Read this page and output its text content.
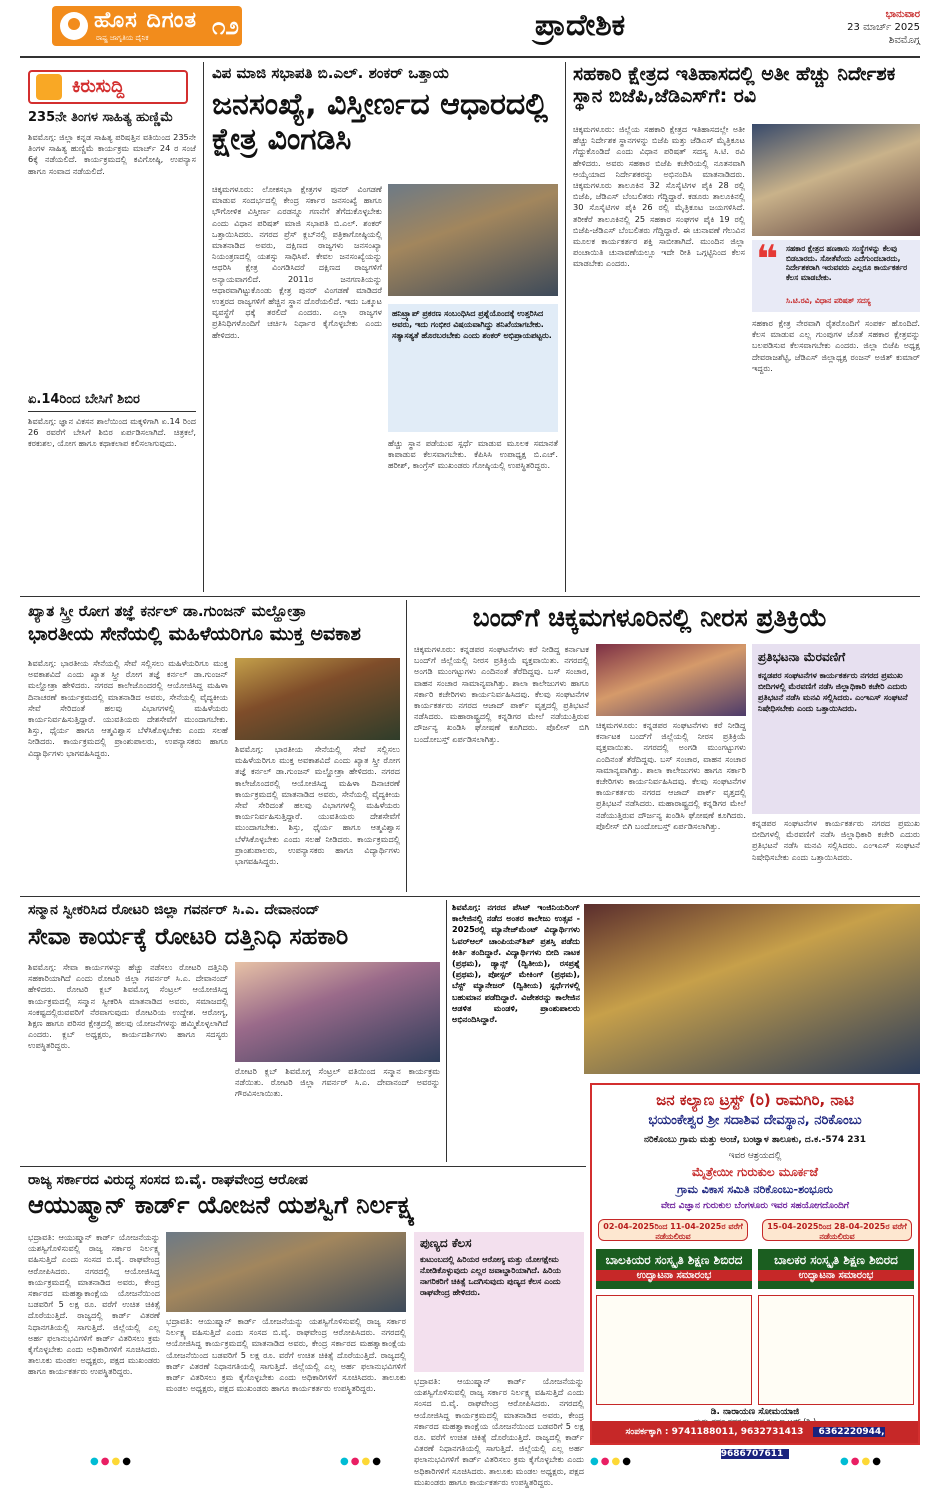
ಹೊಸ ದಿಗಂತ
ರಾಷ್ಟ್ರ ಜಾಗೃತಿಯ ದೈನಿಕ	೧೨	ಪ್ರಾದೇಶಿಕ	ಭಾನುವಾರ
23 ಮಾರ್ಚ್ 2025
ಶಿವಮೊಗ್ಗ
ಕಿರುಸುದ್ದಿ
235ನೇ ತಿಂಗಳ ಸಾಹಿತ್ಯ ಹುಣ್ಣಿಮೆ
ಶಿವಮೊಗ್ಗ: ಜಿಲ್ಲಾ ಕನ್ನಡ ಸಾಹಿತ್ಯ ಪರಿಷತ್ತಿನ ವತಿಯಿಂದ 235ನೇ ತಿಂಗಳ ಸಾಹಿತ್ಯ ಹುಣ್ಣಿಮೆ ಕಾರ್ಯಕ್ರಮ ಮಾರ್ಚ್ 24 ರ ಸಂಜೆ 6ಕ್ಕೆ ನಡೆಯಲಿದೆ. ಕಾರ್ಯಕ್ರಮದಲ್ಲಿ ಕವಿಗೋಷ್ಠಿ, ಉಪನ್ಯಾಸ ಹಾಗೂ ಸಂವಾದ ನಡೆಯಲಿದೆ.
ಏ.14ರಿಂದ ಬೇಸಿಗೆ ಶಿಬಿರ
ಶಿವಮೊಗ್ಗ: ಜ್ಞಾನ ವಿಕಸನ ಶಾಲೆಯಿಂದ ಮಕ್ಕಳಿಗಾಗಿ ಏ.14 ರಿಂದ 26 ರವರೆಗೆ ಬೇಸಿಗೆ ಶಿಬಿರ ಏರ್ಪಡಿಸಲಾಗಿದೆ. ಚಿತ್ರಕಲೆ, ಕರಕುಶಲ, ಯೋಗ ಹಾಗೂ ಕಥಾಕಲಾಪ ಕಲಿಸಲಾಗುವುದು.
ವಿಪ ಮಾಜಿ ಸಭಾಪತಿ ಬಿ.ಎಲ್. ಶಂಕರ್ ಒತ್ತಾಯ
ಜನಸಂಖ್ಯೆ, ವಿಸ್ತೀರ್ಣದ ಆಧಾರದಲ್ಲಿ ಕ್ಷೇತ್ರ ವಿಂಗಡಿಸಿ
ಚಿಕ್ಕಮಗಳೂರು: ಲೋಕಸಭಾ ಕ್ಷೇತ್ರಗಳ ಪುನರ್ ವಿಂಗಡಣೆ ಮಾಡುವ ಸಂದರ್ಭದಲ್ಲಿ ಕೇಂದ್ರ ಸರ್ಕಾರ ಜನಸಂಖ್ಯೆ ಹಾಗೂ ಭೌಗೋಳಿಕ ವಿಸ್ತೀರ್ಣ ಎರಡನ್ನೂ ಗಣನೆಗೆ ತೆಗೆದುಕೊಳ್ಳಬೇಕು ಎಂದು ವಿಧಾನ ಪರಿಷತ್ ಮಾಜಿ ಸಭಾಪತಿ ಬಿ.ಎಲ್. ಶಂಕರ್ ಒತ್ತಾಯಿಸಿದರು. ನಗರದ ಪ್ರೆಸ್ ಕ್ಲಬ್‌ನಲ್ಲಿ ಪತ್ರಿಕಾಗೋಷ್ಠಿಯಲ್ಲಿ ಮಾತನಾಡಿದ ಅವರು, ದಕ್ಷಿಣದ ರಾಜ್ಯಗಳು ಜನಸಂಖ್ಯಾ ನಿಯಂತ್ರಣದಲ್ಲಿ ಯಶಸ್ಸು ಸಾಧಿಸಿವೆ. ಕೇವಲ ಜನಸಂಖ್ಯೆಯನ್ನು ಆಧರಿಸಿ ಕ್ಷೇತ್ರ ವಿಂಗಡಿಸಿದರೆ ದಕ್ಷಿಣದ ರಾಜ್ಯಗಳಿಗೆ ಅನ್ಯಾಯವಾಗಲಿದೆ. 2011ರ ಜನಗಣತಿಯನ್ನು ಆಧಾರವಾಗಿಟ್ಟುಕೊಂಡು ಕ್ಷೇತ್ರ ಪುನರ್ ವಿಂಗಡಣೆ ಮಾಡಿದರೆ ಉತ್ತರದ ರಾಜ್ಯಗಳಿಗೆ ಹೆಚ್ಚಿನ ಸ್ಥಾನ ದೊರೆಯಲಿದೆ. ಇದು ಒಕ್ಕೂಟ ವ್ಯವಸ್ಥೆಗೆ ಧಕ್ಕೆ ತರಲಿದೆ ಎಂದರು. ಎಲ್ಲಾ ರಾಜ್ಯಗಳ ಪ್ರತಿನಿಧಿಗಳೊಂದಿಗೆ ಚರ್ಚಿಸಿ ನಿರ್ಧಾರ ಕೈಗೊಳ್ಳಬೇಕು ಎಂದು ಹೇಳಿದರು.
ಹನಿಟ್ರ್ಯಾಪ್ ಪ್ರಕರಣ ಸಂಬಂಧಿಸಿದ ಪ್ರಶ್ನೆಯೊಂದಕ್ಕೆ ಉತ್ತರಿಸಿದ ಅವರು, ಇದು ಗಂಭೀರ ವಿಷಯವಾಗಿದ್ದು ತನಿಖೆಯಾಗಬೇಕು. ಸತ್ಯಾಸತ್ಯತೆ ಹೊರಬರಬೇಕು ಎಂದು ಶಂಕರ್ ಅಭಿಪ್ರಾಯಪಟ್ಟರು.
ಹೆಚ್ಚು ಸ್ಥಾನ ಪಡೆಯುವ ಸ್ಪರ್ಧೆ ಮಾಡುವ ಮೂಲಕ ಸಮಾನತೆ ಕಾಪಾಡುವ ಕೆಲಸವಾಗಬೇಕು. ಕೆಪಿಸಿಸಿ ಉಪಾಧ್ಯಕ್ಷ ಬಿ.ಎಚ್. ಹರೀಶ್, ಕಾಂಗ್ರೆಸ್ ಮುಖಂಡರು ಗೋಷ್ಠಿಯಲ್ಲಿ ಉಪಸ್ಥಿತರಿದ್ದರು.
ಸಹಕಾರಿ ಕ್ಷೇತ್ರದ ಇತಿಹಾಸದಲ್ಲಿ ಅತೀ ಹೆಚ್ಚು ನಿರ್ದೇಶಕ ಸ್ಥಾನ ಬಿಜೆಪಿ,ಜೆಡಿಎಸ್‌ಗೆ: ರವಿ
ಚಿಕ್ಕಮಗಳೂರು: ಜಿಲ್ಲೆಯ ಸಹಕಾರಿ ಕ್ಷೇತ್ರದ ಇತಿಹಾಸದಲ್ಲೇ ಅತೀ ಹೆಚ್ಚು ನಿರ್ದೇಶಕ ಸ್ಥಾನಗಳನ್ನು ಬಿಜೆಪಿ ಮತ್ತು ಜೆಡಿಎಸ್ ಮೈತ್ರಿಕೂಟ ಗೆದ್ದುಕೊಂಡಿದೆ ಎಂದು ವಿಧಾನ ಪರಿಷತ್ ಸದಸ್ಯ ಸಿ.ಟಿ. ರವಿ ಹೇಳಿದರು. ಅವರು ಸಹಕಾರ ಬಿಜೆಪಿ ಕಚೇರಿಯಲ್ಲಿ ನೂತನವಾಗಿ ಆಯ್ಕೆಯಾದ ನಿರ್ದೇಶಕರನ್ನು ಅಭಿನಂದಿಸಿ ಮಾತನಾಡಿದರು. ಚಿಕ್ಕಮಗಳೂರು ತಾಲೂಕಿನ 32 ಸೊಸೈಟಿಗಳ ಪೈಕಿ 28 ರಲ್ಲಿ ಬಿಜೆಪಿ, ಜೆಡಿಎಸ್ ಬೆಂಬಲಿತರು ಗೆದ್ದಿದ್ದಾರೆ. ಕಡೂರು ತಾಲೂಕಿನಲ್ಲಿ 30 ಸೊಸೈಟಿಗಳ ಪೈಕಿ 26 ರಲ್ಲಿ ಮೈತ್ರಿಕೂಟ ಜಯಗಳಿಸಿದೆ. ತರೀಕೆರೆ ತಾಲೂಕಿನಲ್ಲಿ 25 ಸಹಕಾರ ಸಂಘಗಳ ಪೈಕಿ 19 ರಲ್ಲಿ ಬಿಜೆಪಿ-ಜೆಡಿಎಸ್ ಬೆಂಬಲಿತರು ಗೆದ್ದಿದ್ದಾರೆ. ಈ ಚುನಾವಣೆ ಗೆಲುವಿನ ಮೂಲಕ ಕಾರ್ಯಕರ್ತರ ಶಕ್ತಿ ಸಾಬೀತಾಗಿದೆ. ಮುಂದಿನ ಜಿಲ್ಲಾ ಪಂಚಾಯಿತಿ ಚುನಾವಣೆಯಲ್ಲೂ ಇದೇ ರೀತಿ ಒಗ್ಗಟ್ಟಿನಿಂದ ಕೆಲಸ ಮಾಡಬೇಕು ಎಂದರು.	❝ ಸಹಕಾರ ಕ್ಷೇತ್ರದ ಹಣಕಾಸು ಸಂಸ್ಥೆಗಳನ್ನು ಕೆಲವು ಬಿಡಬಾರದು. ಸೋತೆವೆಂದು ಎದೆಗುಂದಬಾರದು, ನಿರ್ದೇಶಕರಾಗಿ ಇರುವವರು ಎಲ್ಲರೂ ಕಾರ್ಯಕರ್ತರ ಕೆಲಸ ಮಾಡಬೇಕು.
ಸಿ.ಟಿ.ರವಿ, ವಿಧಾನ ಪರಿಷತ್ ಸದಸ್ಯ
ಸಹಕಾರ ಕ್ಷೇತ್ರ ನೇರವಾಗಿ ರೈತರೊಂದಿಗೆ ಸಂಪರ್ಕ ಹೊಂದಿದೆ. ಕೆಲಸ ಮಾಡುವ ಎಲ್ಲ ಗುಂಪುಗಳ ಜೊತೆ ಸಹಕಾರ ಕ್ಷೇತ್ರವನ್ನು ಬಲಪಡಿಸುವ ಕೆಲಸವಾಗಬೇಕು ಎಂದರು. ಜಿಲ್ಲಾ ಬಿಜೆಪಿ ಅಧ್ಯಕ್ಷ ದೇವರಾಜಶೆಟ್ಟಿ, ಜೆಡಿಎಸ್ ಜಿಲ್ಲಾಧ್ಯಕ್ಷ ರಂಜನ್ ಅಜಿತ್ ಕುಮಾರ್ ಇದ್ದರು.
ಖ್ಯಾತ ಸ್ತ್ರೀ ರೋಗ ತಜ್ಞೆ ಕರ್ನಲ್ ಡಾ.ಗುಂಜನ್ ಮಲ್ಹೋತ್ರಾ
ಭಾರತೀಯ ಸೇನೆಯಲ್ಲಿ ಮಹಿಳೆಯರಿಗೂ ಮುಕ್ತ ಅವಕಾಶ
ಶಿವಮೊಗ್ಗ: ಭಾರತೀಯ ಸೇನೆಯಲ್ಲಿ ಸೇವೆ ಸಲ್ಲಿಸಲು ಮಹಿಳೆಯರಿಗೂ ಮುಕ್ತ ಅವಕಾಶವಿದೆ ಎಂದು ಖ್ಯಾತ ಸ್ತ್ರೀ ರೋಗ ತಜ್ಞೆ ಕರ್ನಲ್ ಡಾ.ಗುಂಜನ್ ಮಲ್ಹೋತ್ರಾ ಹೇಳಿದರು. ನಗರದ ಕಾಲೇಜೊಂದರಲ್ಲಿ ಆಯೋಜಿಸಿದ್ದ ಮಹಿಳಾ ದಿನಾಚರಣೆ ಕಾರ್ಯಕ್ರಮದಲ್ಲಿ ಮಾತನಾಡಿದ ಅವರು, ಸೇನೆಯಲ್ಲಿ ವೈದ್ಯಕೀಯ ಸೇವೆ ಸೇರಿದಂತೆ ಹಲವು ವಿಭಾಗಗಳಲ್ಲಿ ಮಹಿಳೆಯರು ಕಾರ್ಯನಿರ್ವಹಿಸುತ್ತಿದ್ದಾರೆ. ಯುವತಿಯರು ದೇಶಸೇವೆಗೆ ಮುಂದಾಗಬೇಕು. ಶಿಸ್ತು, ಧೈರ್ಯ ಹಾಗೂ ಆತ್ಮವಿಶ್ವಾಸ ಬೆಳೆಸಿಕೊಳ್ಳಬೇಕು ಎಂದು ಸಲಹೆ ನೀಡಿದರು. ಕಾರ್ಯಕ್ರಮದಲ್ಲಿ ಪ್ರಾಂಶುಪಾಲರು, ಉಪನ್ಯಾಸಕರು ಹಾಗೂ ವಿದ್ಯಾರ್ಥಿಗಳು ಭಾಗವಹಿಸಿದ್ದರು.	ಶಿವಮೊಗ್ಗ: ಭಾರತೀಯ ಸೇನೆಯಲ್ಲಿ ಸೇವೆ ಸಲ್ಲಿಸಲು ಮಹಿಳೆಯರಿಗೂ ಮುಕ್ತ ಅವಕಾಶವಿದೆ ಎಂದು ಖ್ಯಾತ ಸ್ತ್ರೀ ರೋಗ ತಜ್ಞೆ ಕರ್ನಲ್ ಡಾ.ಗುಂಜನ್ ಮಲ್ಹೋತ್ರಾ ಹೇಳಿದರು. ನಗರದ ಕಾಲೇಜೊಂದರಲ್ಲಿ ಆಯೋಜಿಸಿದ್ದ ಮಹಿಳಾ ದಿನಾಚರಣೆ ಕಾರ್ಯಕ್ರಮದಲ್ಲಿ ಮಾತನಾಡಿದ ಅವರು, ಸೇನೆಯಲ್ಲಿ ವೈದ್ಯಕೀಯ ಸೇವೆ ಸೇರಿದಂತೆ ಹಲವು ವಿಭಾಗಗಳಲ್ಲಿ ಮಹಿಳೆಯರು ಕಾರ್ಯನಿರ್ವಹಿಸುತ್ತಿದ್ದಾರೆ. ಯುವತಿಯರು ದೇಶಸೇವೆಗೆ ಮುಂದಾಗಬೇಕು. ಶಿಸ್ತು, ಧೈರ್ಯ ಹಾಗೂ ಆತ್ಮವಿಶ್ವಾಸ ಬೆಳೆಸಿಕೊಳ್ಳಬೇಕು ಎಂದು ಸಲಹೆ ನೀಡಿದರು. ಕಾರ್ಯಕ್ರಮದಲ್ಲಿ ಪ್ರಾಂಶುಪಾಲರು, ಉಪನ್ಯಾಸಕರು ಹಾಗೂ ವಿದ್ಯಾರ್ಥಿಗಳು ಭಾಗವಹಿಸಿದ್ದರು.
ಬಂದ್‌ಗೆ ಚಿಕ್ಕಮಗಳೂರಿನಲ್ಲಿ ನೀರಸ ಪ್ರತಿಕ್ರಿಯೆ
ಚಿಕ್ಕಮಗಳೂರು: ಕನ್ನಡಪರ ಸಂಘಟನೆಗಳು ಕರೆ ನೀಡಿದ್ದ ಕರ್ನಾಟಕ ಬಂದ್‌ಗೆ ಜಿಲ್ಲೆಯಲ್ಲಿ ನೀರಸ ಪ್ರತಿಕ್ರಿಯೆ ವ್ಯಕ್ತವಾಯಿತು. ನಗರದಲ್ಲಿ ಅಂಗಡಿ ಮುಂಗಟ್ಟುಗಳು ಎಂದಿನಂತೆ ತೆರೆದಿದ್ದವು. ಬಸ್ ಸಂಚಾರ, ವಾಹನ ಸಂಚಾರ ಸಾಮಾನ್ಯವಾಗಿತ್ತು. ಶಾಲಾ ಕಾಲೇಜುಗಳು ಹಾಗೂ ಸರ್ಕಾರಿ ಕಚೇರಿಗಳು ಕಾರ್ಯನಿರ್ವಹಿಸಿದವು. ಕೆಲವು ಸಂಘಟನೆಗಳ ಕಾರ್ಯಕರ್ತರು ನಗರದ ಆಜಾದ್ ಪಾರ್ಕ್ ವೃತ್ತದಲ್ಲಿ ಪ್ರತಿಭಟನೆ ನಡೆಸಿದರು. ಮಹಾರಾಷ್ಟ್ರದಲ್ಲಿ ಕನ್ನಡಿಗರ ಮೇಲೆ ನಡೆಯುತ್ತಿರುವ ದೌರ್ಜನ್ಯ ಖಂಡಿಸಿ ಘೋಷಣೆ ಕೂಗಿದರು. ಪೊಲೀಸ್ ಬಿಗಿ ಬಂದೋಬಸ್ತ್ ಏರ್ಪಡಿಸಲಾಗಿತ್ತು.
ಚಿಕ್ಕಮಗಳೂರು: ಕನ್ನಡಪರ ಸಂಘಟನೆಗಳು ಕರೆ ನೀಡಿದ್ದ ಕರ್ನಾಟಕ ಬಂದ್‌ಗೆ ಜಿಲ್ಲೆಯಲ್ಲಿ ನೀರಸ ಪ್ರತಿಕ್ರಿಯೆ ವ್ಯಕ್ತವಾಯಿತು. ನಗರದಲ್ಲಿ ಅಂಗಡಿ ಮುಂಗಟ್ಟುಗಳು ಎಂದಿನಂತೆ ತೆರೆದಿದ್ದವು. ಬಸ್ ಸಂಚಾರ, ವಾಹನ ಸಂಚಾರ ಸಾಮಾನ್ಯವಾಗಿತ್ತು. ಶಾಲಾ ಕಾಲೇಜುಗಳು ಹಾಗೂ ಸರ್ಕಾರಿ ಕಚೇರಿಗಳು ಕಾರ್ಯನಿರ್ವಹಿಸಿದವು. ಕೆಲವು ಸಂಘಟನೆಗಳ ಕಾರ್ಯಕರ್ತರು ನಗರದ ಆಜಾದ್ ಪಾರ್ಕ್ ವೃತ್ತದಲ್ಲಿ ಪ್ರತಿಭಟನೆ ನಡೆಸಿದರು. ಮಹಾರಾಷ್ಟ್ರದಲ್ಲಿ ಕನ್ನಡಿಗರ ಮೇಲೆ ನಡೆಯುತ್ತಿರುವ ದೌರ್ಜನ್ಯ ಖಂಡಿಸಿ ಘೋಷಣೆ ಕೂಗಿದರು. ಪೊಲೀಸ್ ಬಿಗಿ ಬಂದೋಬಸ್ತ್ ಏರ್ಪಡಿಸಲಾಗಿತ್ತು.
ಪ್ರತಿಭಟನಾ ಮೆರವಣಿಗೆ
ಕನ್ನಡಪರ ಸಂಘಟನೆಗಳ ಕಾರ್ಯಕರ್ತರು ನಗರದ ಪ್ರಮುಖ ಬೀದಿಗಳಲ್ಲಿ ಮೆರವಣಿಗೆ ನಡೆಸಿ ಜಿಲ್ಲಾಧಿಕಾರಿ ಕಚೇರಿ ಎದುರು ಪ್ರತಿಭಟನೆ ನಡೆಸಿ ಮನವಿ ಸಲ್ಲಿಸಿದರು. ಎಂಇಎಸ್ ಸಂಘಟನೆ ನಿಷೇಧಿಸಬೇಕು ಎಂದು ಒತ್ತಾಯಿಸಿದರು.
ಕನ್ನಡಪರ ಸಂಘಟನೆಗಳ ಕಾರ್ಯಕರ್ತರು ನಗರದ ಪ್ರಮುಖ ಬೀದಿಗಳಲ್ಲಿ ಮೆರವಣಿಗೆ ನಡೆಸಿ ಜಿಲ್ಲಾಧಿಕಾರಿ ಕಚೇರಿ ಎದುರು ಪ್ರತಿಭಟನೆ ನಡೆಸಿ ಮನವಿ ಸಲ್ಲಿಸಿದರು. ಎಂಇಎಸ್ ಸಂಘಟನೆ ನಿಷೇಧಿಸಬೇಕು ಎಂದು ಒತ್ತಾಯಿಸಿದರು.
ಸನ್ಮಾನ ಸ್ವೀಕರಿಸಿದ ರೋಟರಿ ಜಿಲ್ಲಾ ಗವರ್ನರ್ ಸಿ.ಎ. ದೇವಾನಂದ್
ಸೇವಾ ಕಾರ್ಯಕ್ಕೆ ರೋಟರಿ ದತ್ತಿನಿಧಿ ಸಹಕಾರಿ
ಶಿವಮೊಗ್ಗ: ಸೇವಾ ಕಾರ್ಯಗಳನ್ನು ಹೆಚ್ಚು ನಡೆಸಲು ರೋಟರಿ ದತ್ತಿನಿಧಿ ಸಹಕಾರಿಯಾಗಿದೆ ಎಂದು ರೋಟರಿ ಜಿಲ್ಲಾ ಗವರ್ನರ್ ಸಿ.ಎ. ದೇವಾನಂದ್ ಹೇಳಿದರು. ರೋಟರಿ ಕ್ಲಬ್ ಶಿವಮೊಗ್ಗ ಸೆಂಟ್ರಲ್ ಆಯೋಜಿಸಿದ್ದ ಕಾರ್ಯಕ್ರಮದಲ್ಲಿ ಸನ್ಮಾನ ಸ್ವೀಕರಿಸಿ ಮಾತನಾಡಿದ ಅವರು, ಸಮಾಜದಲ್ಲಿ ಸಂಕಷ್ಟದಲ್ಲಿರುವವರಿಗೆ ನೆರವಾಗುವುದು ರೋಟರಿಯ ಉದ್ದೇಶ. ಆರೋಗ್ಯ, ಶಿಕ್ಷಣ ಹಾಗೂ ಪರಿಸರ ಕ್ಷೇತ್ರದಲ್ಲಿ ಹಲವು ಯೋಜನೆಗಳನ್ನು ಹಮ್ಮಿಕೊಳ್ಳಲಾಗಿದೆ ಎಂದರು. ಕ್ಲಬ್ ಅಧ್ಯಕ್ಷರು, ಕಾರ್ಯದರ್ಶಿಗಳು ಹಾಗೂ ಸದಸ್ಯರು ಉಪಸ್ಥಿತರಿದ್ದರು.
ರೋಟರಿ ಕ್ಲಬ್ ಶಿವಮೊಗ್ಗ ಸೆಂಟ್ರಲ್ ವತಿಯಿಂದ ಸನ್ಮಾನ ಕಾರ್ಯಕ್ರಮ ನಡೆಯಿತು. ರೋಟರಿ ಜಿಲ್ಲಾ ಗವರ್ನರ್ ಸಿ.ಎ. ದೇವಾನಂದ್ ಅವರನ್ನು ಗೌರವಿಸಲಾಯಿತು.
ಶಿವಮೊಗ್ಗ: ನಗರದ ಪೆಸಿಟ್ ಇಂಜಿನಿಯರಿಂಗ್ ಕಾಲೇಜಿನಲ್ಲಿ ನಡೆದ ಅಂತರ ಕಾಲೇಜು ಉತ್ಸವ - 2025ರಲ್ಲಿ ಮ್ಯಾನೇಜ್‌ಮೆಂಟ್ ವಿದ್ಯಾರ್ಥಿಗಳು ಓವರ್‌ಆಲ್ ಚಾಂಪಿಯನ್‌ಶಿಪ್ ಪ್ರಶಸ್ತಿ ಪಡೆದು ಕೀರ್ತಿ ತಂದಿದ್ದಾರೆ. ವಿದ್ಯಾರ್ಥಿಗಳು ಬೀದಿ ನಾಟಕ (ಪ್ರಥಮ), ಡ್ಯಾನ್ಸ್ (ದ್ವಿತೀಯ), ರಸಪ್ರಶ್ನೆ (ಪ್ರಥಮ), ಪೋಸ್ಟರ್ ಮೇಕಿಂಗ್ (ಪ್ರಥಮ), ಬೆಸ್ಟ್ ಮ್ಯಾನೇಜರ್ (ದ್ವಿತೀಯ) ಸ್ಪರ್ಧೆಗಳಲ್ಲಿ ಬಹುಮಾನ ಪಡೆದಿದ್ದಾರೆ. ವಿಜೇತರನ್ನು ಕಾಲೇಜಿನ ಆಡಳಿತ ಮಂಡಳಿ, ಪ್ರಾಂಶುಪಾಲರು ಅಭಿನಂದಿಸಿದ್ದಾರೆ.
ರಾಜ್ಯ ಸರ್ಕಾರದ ವಿರುದ್ಧ ಸಂಸದ ಬಿ.ವೈ. ರಾಘವೇಂದ್ರ ಆರೋಪ
ಆಯುಷ್ಮಾನ್ ಕಾರ್ಡ್ ಯೋಜನೆ ಯಶಸ್ವಿಗೆ ನಿರ್ಲಕ್ಷ್ಯ
ಭದ್ರಾವತಿ: ಆಯುಷ್ಮಾನ್ ಕಾರ್ಡ್ ಯೋಜನೆಯನ್ನು ಯಶಸ್ವಿಗೊಳಿಸುವಲ್ಲಿ ರಾಜ್ಯ ಸರ್ಕಾರ ನಿರ್ಲಕ್ಷ್ಯ ವಹಿಸುತ್ತಿದೆ ಎಂದು ಸಂಸದ ಬಿ.ವೈ. ರಾಘವೇಂದ್ರ ಆರೋಪಿಸಿದರು. ನಗರದಲ್ಲಿ ಆಯೋಜಿಸಿದ್ದ ಕಾರ್ಯಕ್ರಮದಲ್ಲಿ ಮಾತನಾಡಿದ ಅವರು, ಕೇಂದ್ರ ಸರ್ಕಾರದ ಮಹತ್ವಾಕಾಂಕ್ಷೆಯ ಯೋಜನೆಯಿಂದ ಬಡವರಿಗೆ 5 ಲಕ್ಷ ರೂ. ವರೆಗೆ ಉಚಿತ ಚಿಕಿತ್ಸೆ ದೊರೆಯುತ್ತಿದೆ. ರಾಜ್ಯದಲ್ಲಿ ಕಾರ್ಡ್ ವಿತರಣೆ ನಿಧಾನಗತಿಯಲ್ಲಿ ಸಾಗುತ್ತಿದೆ. ಜಿಲ್ಲೆಯಲ್ಲಿ ಎಲ್ಲ ಅರ್ಹ ಫಲಾನುಭವಿಗಳಿಗೆ ಕಾರ್ಡ್ ವಿತರಿಸಲು ಕ್ರಮ ಕೈಗೊಳ್ಳಬೇಕು ಎಂದು ಅಧಿಕಾರಿಗಳಿಗೆ ಸೂಚಿಸಿದರು. ತಾಲೂಕು ಮಂಡಲ ಅಧ್ಯಕ್ಷರು, ಪಕ್ಷದ ಮುಖಂಡರು ಹಾಗೂ ಕಾರ್ಯಕರ್ತರು ಉಪಸ್ಥಿತರಿದ್ದರು.
ಭದ್ರಾವತಿ: ಆಯುಷ್ಮಾನ್ ಕಾರ್ಡ್ ಯೋಜನೆಯನ್ನು ಯಶಸ್ವಿಗೊಳಿಸುವಲ್ಲಿ ರಾಜ್ಯ ಸರ್ಕಾರ ನಿರ್ಲಕ್ಷ್ಯ ವಹಿಸುತ್ತಿದೆ ಎಂದು ಸಂಸದ ಬಿ.ವೈ. ರಾಘವೇಂದ್ರ ಆರೋಪಿಸಿದರು. ನಗರದಲ್ಲಿ ಆಯೋಜಿಸಿದ್ದ ಕಾರ್ಯಕ್ರಮದಲ್ಲಿ ಮಾತನಾಡಿದ ಅವರು, ಕೇಂದ್ರ ಸರ್ಕಾರದ ಮಹತ್ವಾಕಾಂಕ್ಷೆಯ ಯೋಜನೆಯಿಂದ ಬಡವರಿಗೆ 5 ಲಕ್ಷ ರೂ. ವರೆಗೆ ಉಚಿತ ಚಿಕಿತ್ಸೆ ದೊರೆಯುತ್ತಿದೆ. ರಾಜ್ಯದಲ್ಲಿ ಕಾರ್ಡ್ ವಿತರಣೆ ನಿಧಾನಗತಿಯಲ್ಲಿ ಸಾಗುತ್ತಿದೆ. ಜಿಲ್ಲೆಯಲ್ಲಿ ಎಲ್ಲ ಅರ್ಹ ಫಲಾನುಭವಿಗಳಿಗೆ ಕಾರ್ಡ್ ವಿತರಿಸಲು ಕ್ರಮ ಕೈಗೊಳ್ಳಬೇಕು ಎಂದು ಅಧಿಕಾರಿಗಳಿಗೆ ಸೂಚಿಸಿದರು. ತಾಲೂಕು ಮಂಡಲ ಅಧ್ಯಕ್ಷರು, ಪಕ್ಷದ ಮುಖಂಡರು ಹಾಗೂ ಕಾರ್ಯಕರ್ತರು ಉಪಸ್ಥಿತರಿದ್ದರು.
ಪುಣ್ಯದ ಕೆಲಸ
ಕುಟುಂಬದಲ್ಲಿ ಹಿರಿಯರ ಆರೋಗ್ಯ ಮತ್ತು ಯೋಗಕ್ಷೇಮ ನೋಡಿಕೊಳ್ಳುವುದು ಎಲ್ಲರ ಜವಾಬ್ದಾರಿಯಾಗಿದೆ. ಹಿರಿಯ ನಾಗರಿಕರಿಗೆ ಚಿಕಿತ್ಸೆ ಒದಗಿಸುವುದು ಪುಣ್ಯದ ಕೆಲಸ ಎಂದು ರಾಘವೇಂದ್ರ ಹೇಳಿದರು.
ಭದ್ರಾವತಿ: ಆಯುಷ್ಮಾನ್ ಕಾರ್ಡ್ ಯೋಜನೆಯನ್ನು ಯಶಸ್ವಿಗೊಳಿಸುವಲ್ಲಿ ರಾಜ್ಯ ಸರ್ಕಾರ ನಿರ್ಲಕ್ಷ್ಯ ವಹಿಸುತ್ತಿದೆ ಎಂದು ಸಂಸದ ಬಿ.ವೈ. ರಾಘವೇಂದ್ರ ಆರೋಪಿಸಿದರು. ನಗರದಲ್ಲಿ ಆಯೋಜಿಸಿದ್ದ ಕಾರ್ಯಕ್ರಮದಲ್ಲಿ ಮಾತನಾಡಿದ ಅವರು, ಕೇಂದ್ರ ಸರ್ಕಾರದ ಮಹತ್ವಾಕಾಂಕ್ಷೆಯ ಯೋಜನೆಯಿಂದ ಬಡವರಿಗೆ 5 ಲಕ್ಷ ರೂ. ವರೆಗೆ ಉಚಿತ ಚಿಕಿತ್ಸೆ ದೊರೆಯುತ್ತಿದೆ. ರಾಜ್ಯದಲ್ಲಿ ಕಾರ್ಡ್ ವಿತರಣೆ ನಿಧಾನಗತಿಯಲ್ಲಿ ಸಾಗುತ್ತಿದೆ. ಜಿಲ್ಲೆಯಲ್ಲಿ ಎಲ್ಲ ಅರ್ಹ ಫಲಾನುಭವಿಗಳಿಗೆ ಕಾರ್ಡ್ ವಿತರಿಸಲು ಕ್ರಮ ಕೈಗೊಳ್ಳಬೇಕು ಎಂದು ಅಧಿಕಾರಿಗಳಿಗೆ ಸೂಚಿಸಿದರು. ತಾಲೂಕು ಮಂಡಲ ಅಧ್ಯಕ್ಷರು, ಪಕ್ಷದ ಮುಖಂಡರು ಹಾಗೂ ಕಾರ್ಯಕರ್ತರು ಉಪಸ್ಥಿತರಿದ್ದರು.
ಜನ ಕಲ್ಯಾಣ ಟ್ರಸ್ಟ್ (ರಿ) ರಾಮಗಿರಿ, ನಾಟಿ
ಭಯಂಕೇಶ್ವರ ಶ್ರೀ ಸದಾಶಿವ ದೇವಸ್ಥಾನ, ನರಿಕೊಂಬು
ನರಿಕೊಂಬು ಗ್ರಾಮ ಮತ್ತು ಅಂಚೆ, ಬಂಟ್ವಾಳ ತಾಲೂಕು, ದ.ಕ.-574 231
ಇವರ ಆಶ್ರಯದಲ್ಲಿ
ಮೈತ್ರೇಯೀ ಗುರುಕುಲ ಮೂರ್ಕಜೆ
ಗ್ರಾಮ ವಿಕಾಸ ಸಮಿತಿ ನರಿಕೊಂಬು-ಶಂಭೂರು
ವೇದ ವಿಜ್ಞಾನ ಗುರುಕುಲ ಬೆಂಗಳೂರು ಇವರ ಸಹಯೋಗದೊಂದಿಗೆ
02-04-2025ರಿಂದ 11-04-2025ರ ವರೆಗೆ ನಡೆಯಲಿರುವ
15-04-2025ರಿಂದ 28-04-2025ರ ವರೆಗೆ ನಡೆಯಲಿರುವ
ಬಾಲಕಿಯರ ಸಂಸ್ಕೃತಿ ಶಿಕ್ಷಣ ಶಿಬಿರದ
ಉದ್ಘಾಟನಾ ಸಮಾರಂಭ
ಬಾಲಕರ ಸಂಸ್ಕೃತಿ ಶಿಕ್ಷಣ ಶಿಬಿರದ
ಉದ್ಘಾಟನಾ ಸಮಾರಂಭ
ಡಿ. ನಾರಾಯಣ ಸೋಮಯಾಜಿ
ಸಂಪರ್ಕಕ್ಕಾಗಿ : 9741188011, 9632731413 6362220944, 9686707611
●●●●	●●●●	●●●●	●●●●
